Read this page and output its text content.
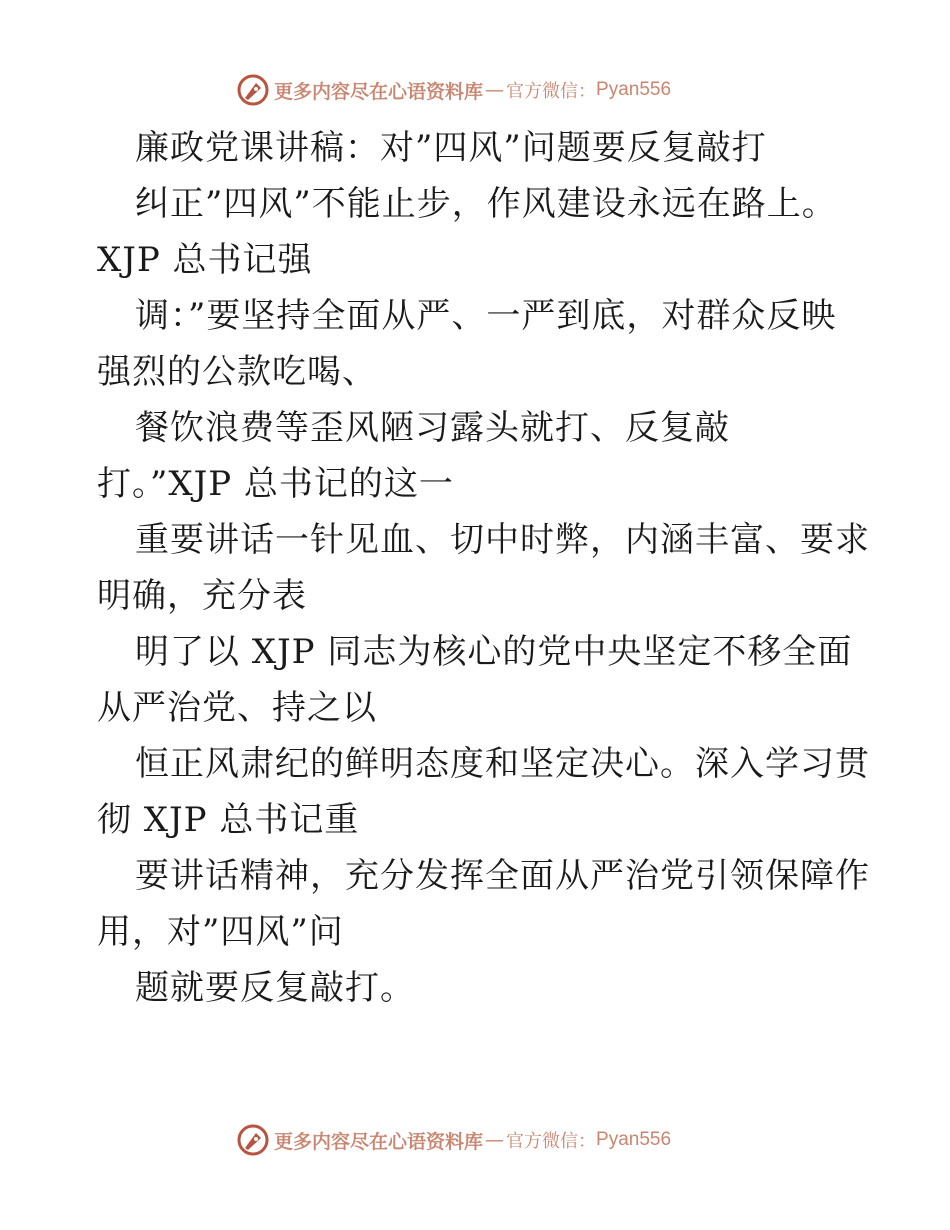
更多内容尽在心语资料库 — 官方微信： Pyan556
廉政党课讲稿：对”四风”问题要反复敲打
纠正”四风”不能止步，作风建设永远在路上。
XJP 总书记强
调：”要坚持全面从严、一严到底，对群众反映
强烈的公款吃喝、
餐饮浪费等歪风陋习露头就打、反复敲
打。”XJP 总书记的这一
重要讲话一针见血、切中时弊，内涵丰富、要求
明确，充分表
明了以 XJP 同志为核心的党中央坚定不移全面
从严治党、持之以
恒正风肃纪的鲜明态度和坚定决心。深入学习贯
彻 XJP 总书记重
要讲话精神，充分发挥全面从严治党引领保障作
用，对”四风”问
题就要反复敲打。
更多内容尽在心语资料库 — 官方微信： Pyan556
